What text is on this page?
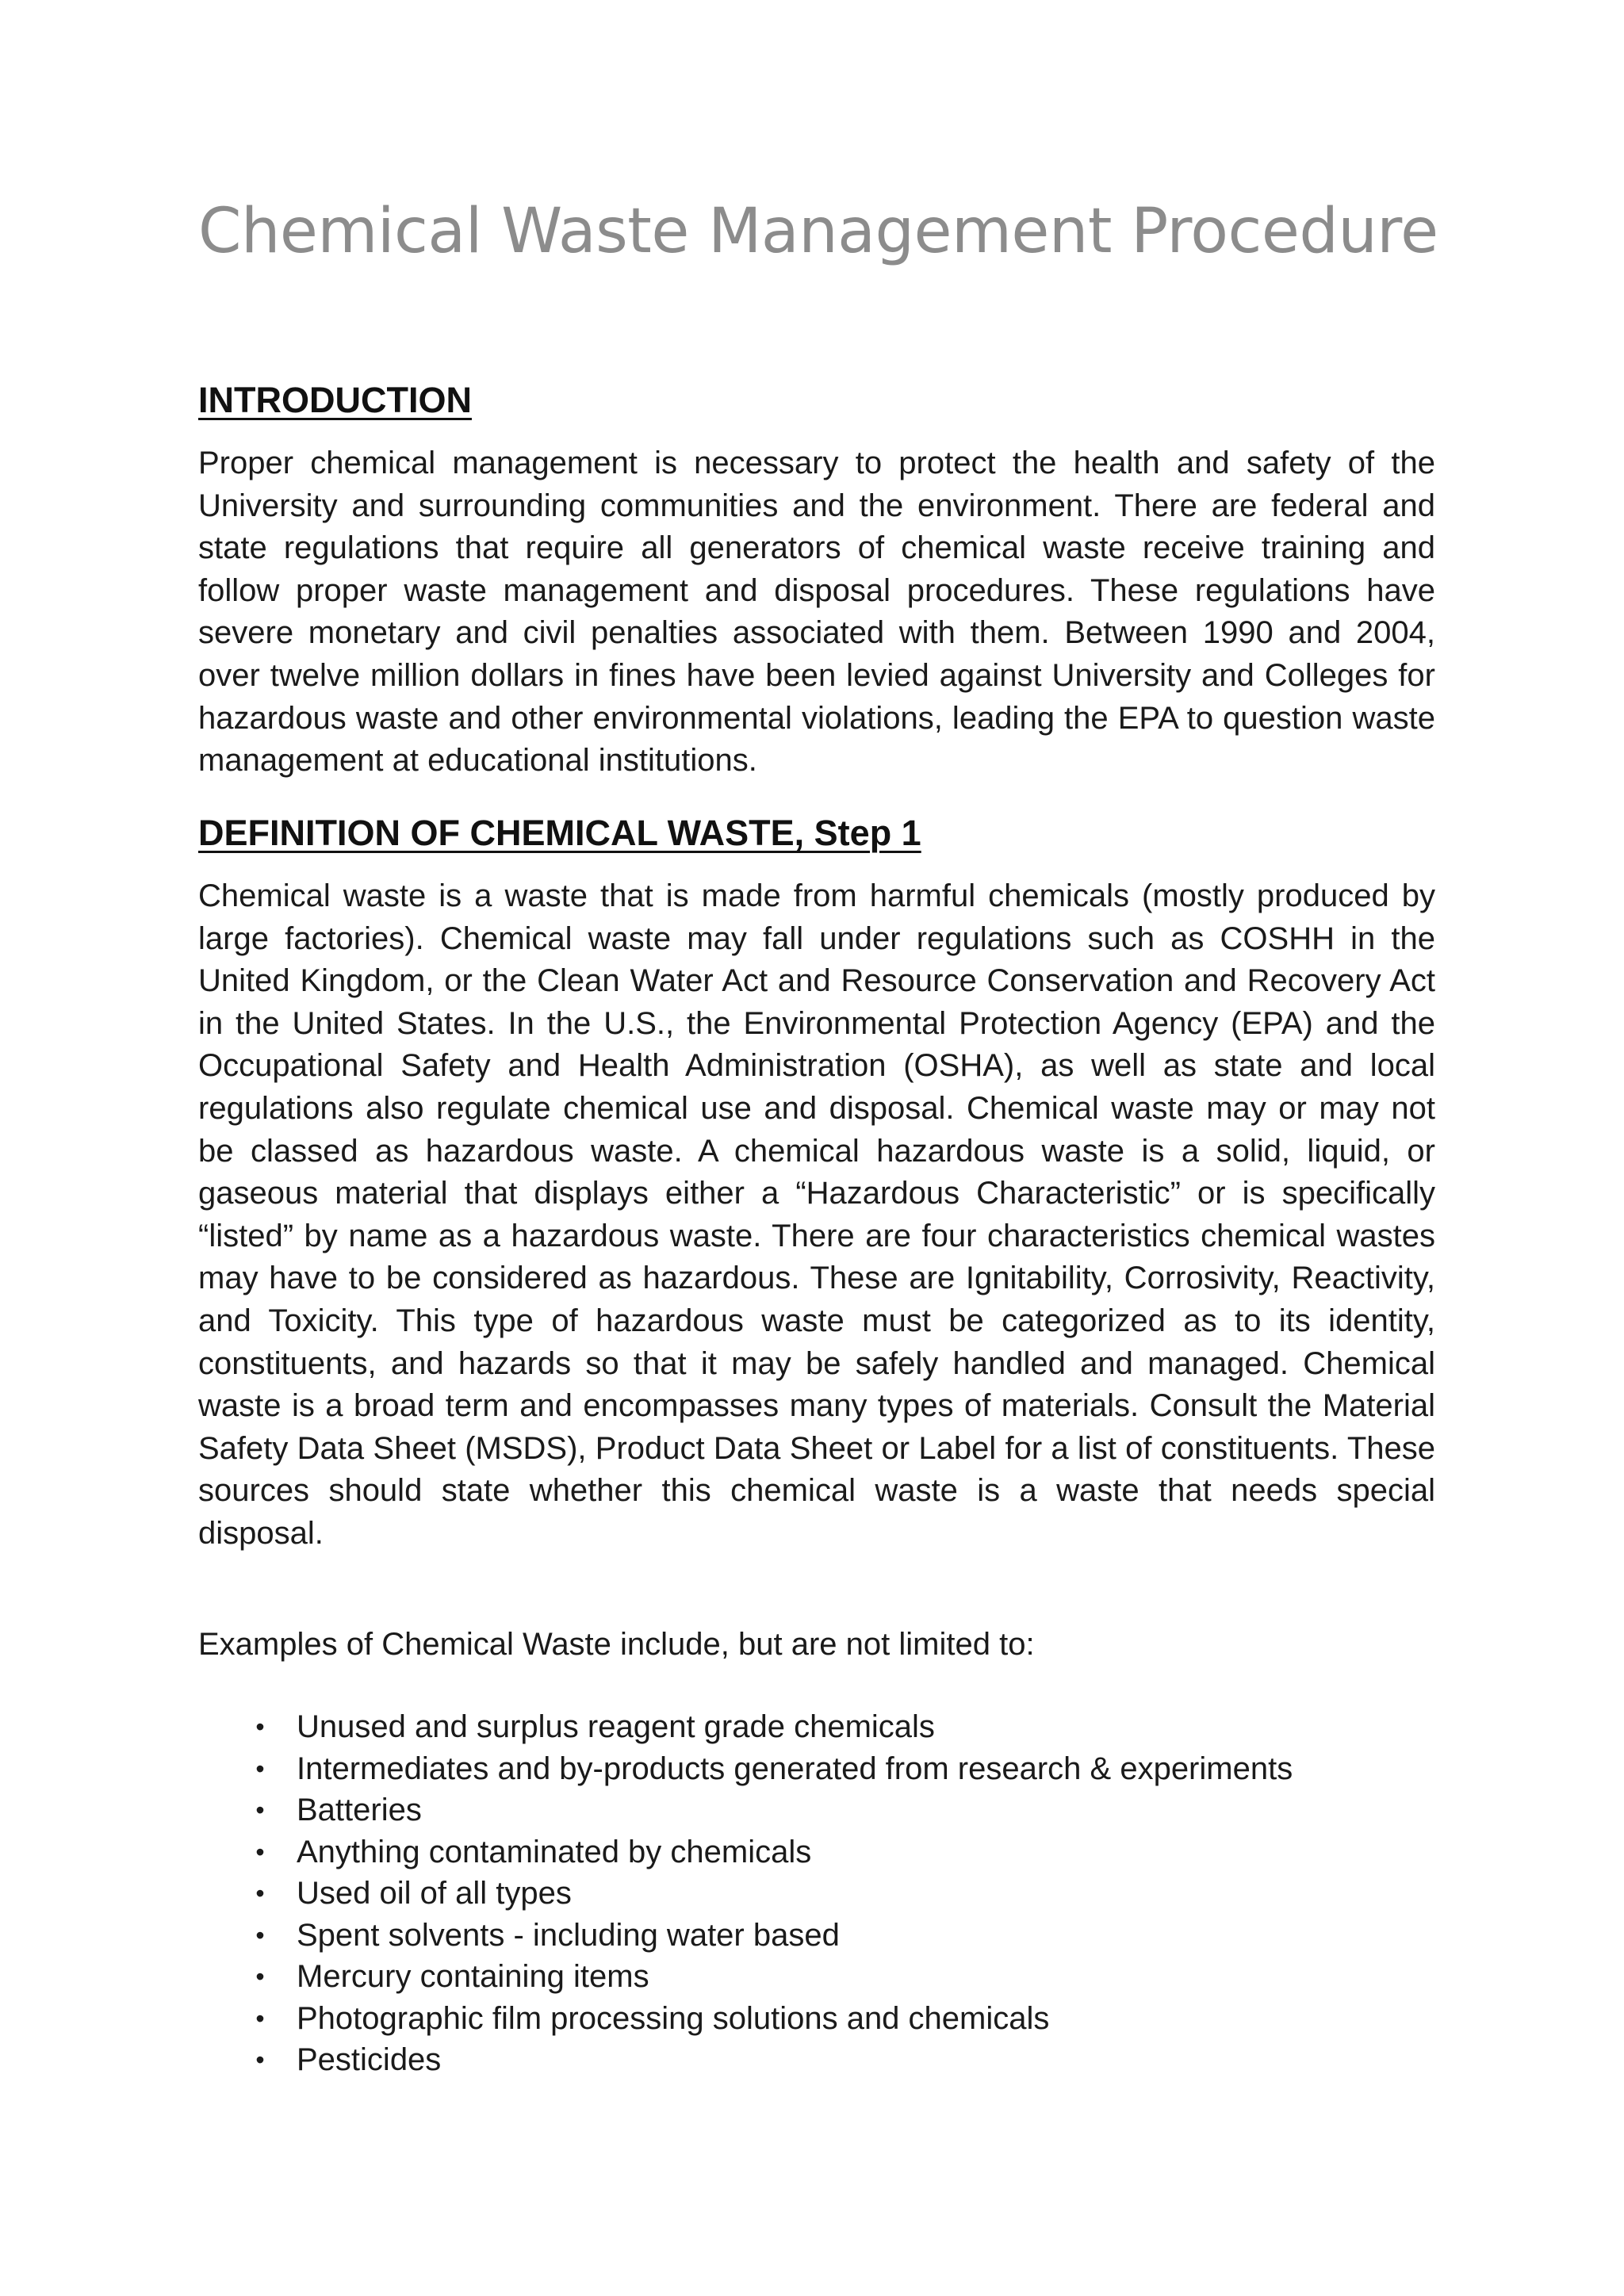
Chemical Waste Management Procedure
INTRODUCTION

Proper chemical management is necessary to protect the health and safety of the University and surrounding communities and the environment. There are federal and state regulations that require all generators of chemical waste receive training and follow proper waste management and disposal procedures. These regulations have severe monetary and civil penalties associated with them. Between 1990 and 2004, over twelve million dollars in fines have been levied against University and Colleges for hazardous waste and other environmental violations, leading the EPA to question waste management at educational institutions.

DEFINITION OF CHEMICAL WASTE, Step 1

Chemical waste is a waste that is made from harmful chemicals (mostly produced by large factories). Chemical waste may fall under regulations such as COSHH in the United Kingdom, or the Clean Water Act and Resource Conservation and Recovery Act in the United States. In the U.S., the Environmental Protection Agency (EPA) and the Occupational Safety and Health Administration (OSHA), as well as state and local regulations also regulate chemical use and disposal. Chemical waste may or may not be classed as hazardous waste. A chemical hazardous waste is a solid, liquid, or gaseous material that displays either a “Hazardous Characteristic” or is specifically “listed” by name as a hazardous waste. There are four characteristics chemical wastes may have to be considered as hazardous. These are Ignitability, Corrosivity, Reactivity, and Toxicity. This type of hazardous waste must be categorized as to its identity, constituents, and hazards so that it may be safely handled and managed. Chemical waste is a broad term and encompasses many types of materials. Consult the Material Safety Data Sheet (MSDS), Product Data Sheet or Label for a list of constituents. These sources should state whether this chemical waste is a waste that needs special disposal.

Examples of Chemical Waste include, but are not limited to:

• Unused and surplus reagent grade chemicals
• Intermediates and by-products generated from research & experiments
• Batteries
• Anything contaminated by chemicals
• Used oil of all types
• Spent solvents - including water based
• Mercury containing items
• Photographic film processing solutions and chemicals
• Pesticides
